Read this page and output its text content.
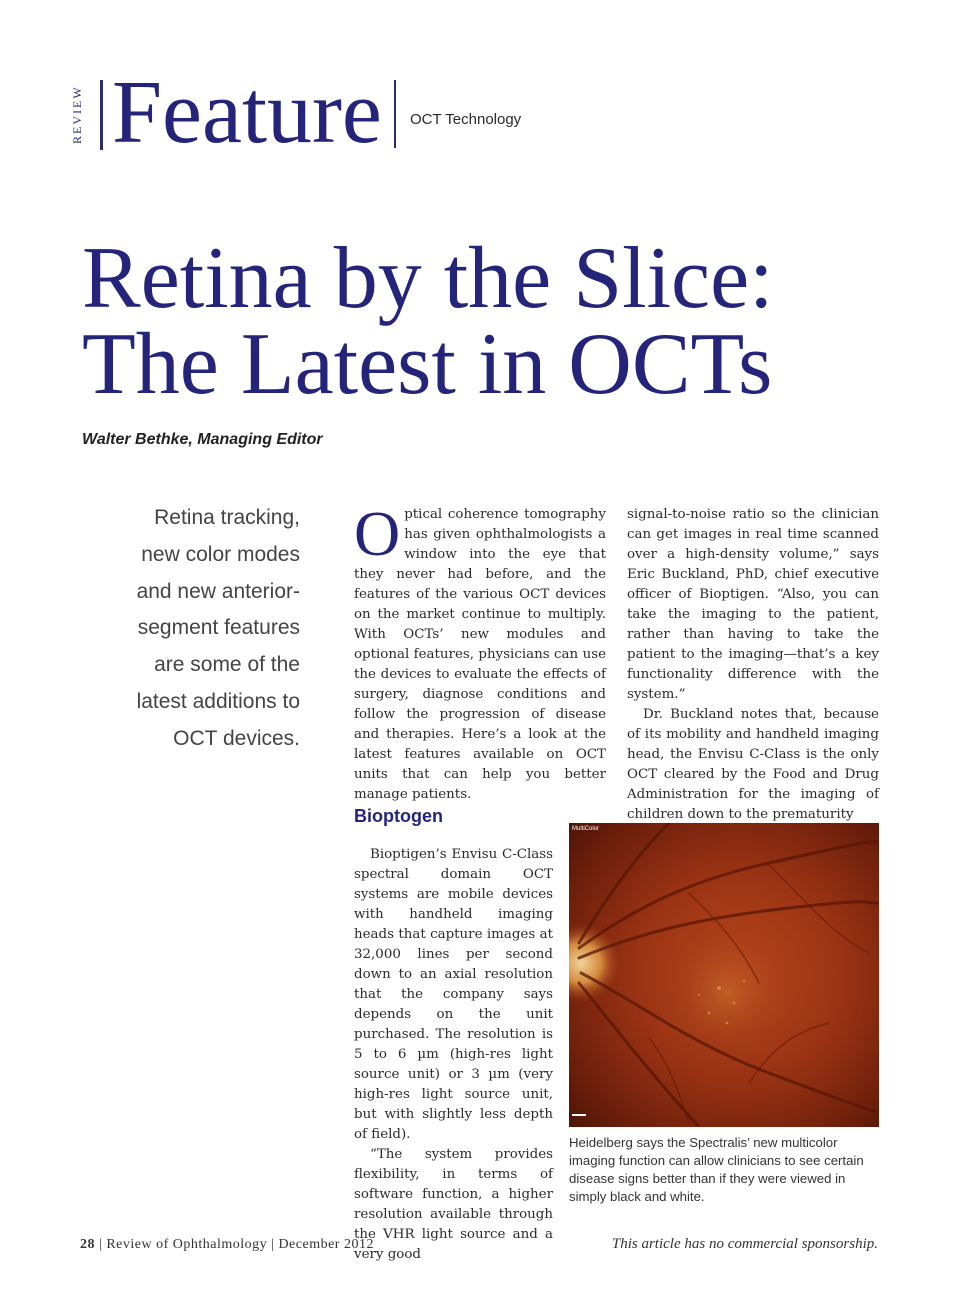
REVIEW Feature OCT Technology
Retina by the Slice:
The Latest in OCTs
Walter Bethke, Managing Editor
Retina tracking,
new color modes
and new anterior-
segment features
are some of the
latest additions to
OCT devices.

Optical coherence tomography has given ophthalmologists a window into the eye that they never had before, and the features of the various OCT devices on the market continue to multiply. With OCTs’ new modules and optional features, physicians can use the devices to evaluate the effects of surgery, diagnose conditions and follow the progression of disease and therapies. Here’s a look at the latest features available on OCT units that can help you better manage patients.

signal-to-noise ratio so the clinician can get images in real time scanned over a high-density volume,” says Eric Buckland, PhD, chief executive officer of Bioptigen. “Also, you can take the imaging to the patient, rather than having to take the patient to the imaging—that’s a key functionality difference with the system.”

Dr. Buckland notes that, because of its mobility and handheld imaging head, the Envisu C-Class is the only OCT cleared by the Food and Drug Administration for the imaging of children down to the prematurity

Bioptogen

Bioptigen’s Envisu C-Class spectral domain OCT systems are mobile devices with handheld imaging heads that capture images at 32,000 lines per second down to an axial resolution that the company says depends on the unit purchased. The resolution is 5 to 6 µm (high-res light source unit) or 3 µm (very high-res light source unit, but with slightly less depth of field).

“The system provides flexibility, in terms of software function, a higher resolution available through the VHR light source and a very good

MultiColor
Heidelberg says the Spectralis’ new multicolor imaging function can allow clinicians to see certain disease signs better than if they were viewed in simply black and white.
28 | Review of Ophthalmology | December 2012	This article has no commercial sponsorship.
